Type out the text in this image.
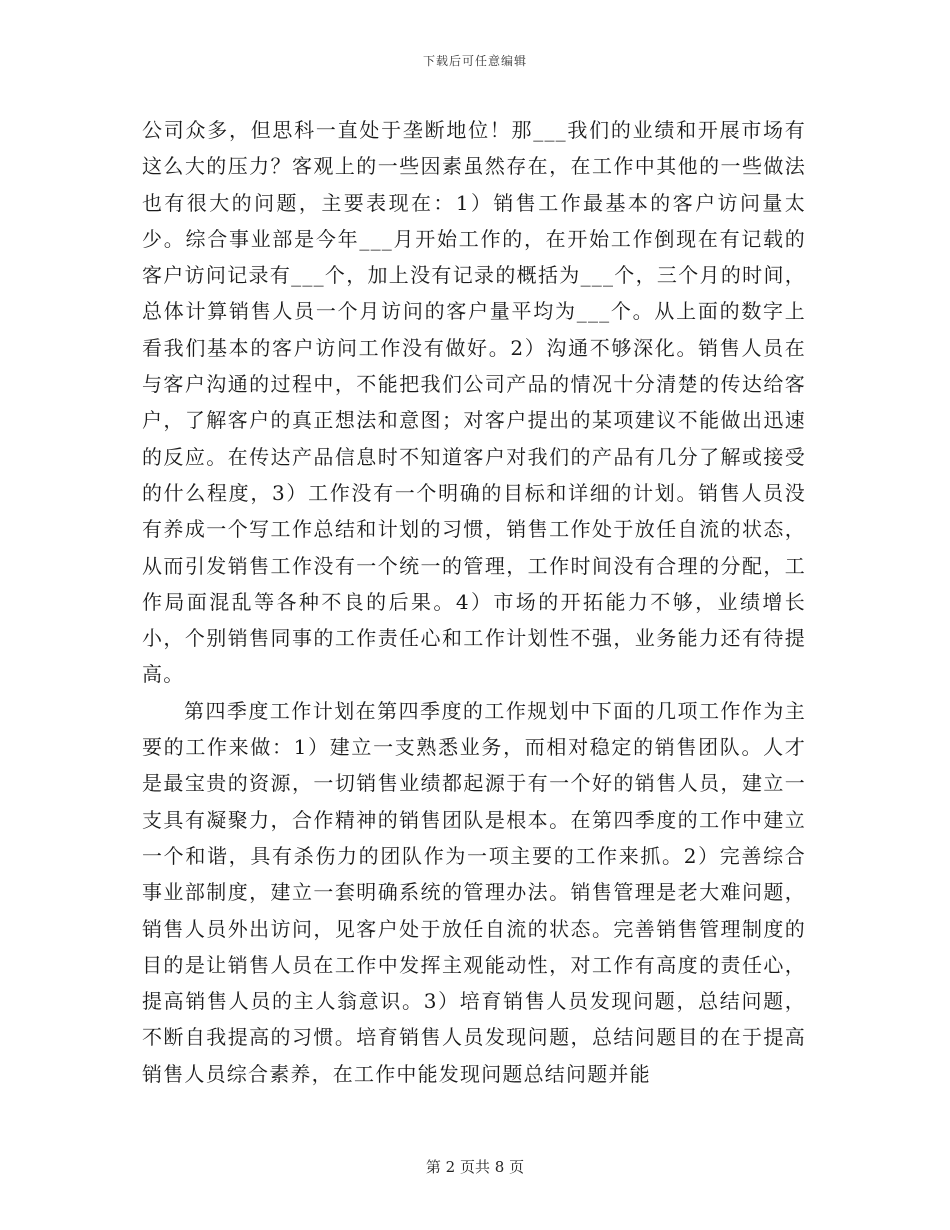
下载后可任意编辑

公司众多，但思科一直处于垄断地位！那___我们的业绩和开展市场有这么大的压力？客观上的一些因素虽然存在，在工作中其他的一些做法也有很大的问题，主要表现在：1）销售工作最基本的客户访问量太少。综合事业部是今年___月开始工作的，在开始工作倒现在有记载的客户访问记录有___个，加上没有记录的概括为___个，三个月的时间，总体计算销售人员一个月访问的客户量平均为___个。从上面的数字上看我们基本的客户访问工作没有做好。2）沟通不够深化。销售人员在与客户沟通的过程中，不能把我们公司产品的情况十分清楚的传达给客户，了解客户的真正想法和意图；对客户提出的某项建议不能做出迅速的反应。在传达产品信息时不知道客户对我们的产品有几分了解或接受的什么程度，3）工作没有一个明确的目标和详细的计划。销售人员没有养成一个写工作总结和计划的习惯，销售工作处于放任自流的状态，从而引发销售工作没有一个统一的管理，工作时间没有合理的分配，工作局面混乱等各种不良的后果。4）市场的开拓能力不够，业绩增长小，个别销售同事的工作责任心和工作计划性不强，业务能力还有待提高。

第四季度工作计划在第四季度的工作规划中下面的几项工作作为主要的工作来做：1）建立一支熟悉业务，而相对稳定的销售团队。人才是最宝贵的资源，一切销售业绩都起源于有一个好的销售人员，建立一支具有凝聚力，合作精神的销售团队是根本。在第四季度的工作中建立一个和谐，具有杀伤力的团队作为一项主要的工作来抓。2）完善综合事业部制度，建立一套明确系统的管理办法。销售管理是老大难问题，销售人员外出访问，见客户处于放任自流的状态。完善销售管理制度的目的是让销售人员在工作中发挥主观能动性，对工作有高度的责任心，提高销售人员的主人翁意识。3）培育销售人员发现问题，总结问题，不断自我提高的习惯。培育销售人员发现问题，总结问题目的在于提高销售人员综合素养，在工作中能发现问题总结问题并能

第 2 页共 8 页
